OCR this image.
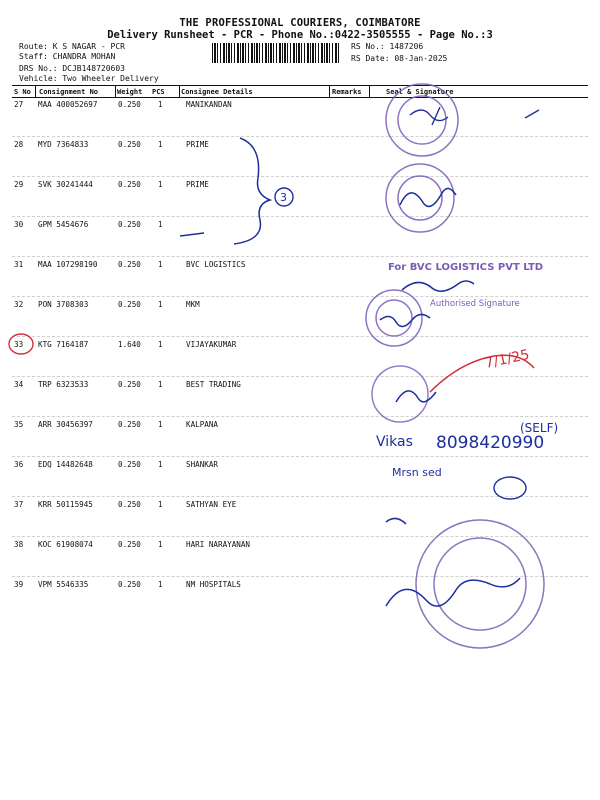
THE PROFESSIONAL COURIERS, COIMBATORE
Delivery Runsheet - PCR - Phone No.:0422-3505555 - Page No.:3
Route: K S NAGAR - PCR
Staff: CHANDRA MOHAN
DRS No.: DCJB148720603
Vehicle: Two Wheeler Delivery
RS No.: 1487206
RS Date: 08-Jan-2025
S No Consignment No	Weight PCS Consignee Details	Remarks	Seal & Signature
27 MAA 400052697	0.250 1	MANIKANDAN
28 MYD 7364833	0.250 1	PRIME
29 SVK 30241444	0.250 1	PRIME
30 GPM 5454676	0.250 1
31 MAA 107298190	0.250 1	BVC LOGISTICS
32 PON 3708303	0.250 1	MKM
33 KTG 7164187	1.640 1	VIJAYAKUMAR
34 TRP 6323533	0.250 1	BEST TRADING
35 ARR 30456397	0.250 1	KALPANA
36 EDQ 14482648	0.250 1	SHANKAR
37 KRR 50115945	0.250 1	SATHYAN EYE
38 KOC 61908074	0.250 1	HARI NARAYANAN
39 VPM 5546335	0.250 1	NM HOSPITALS
3
For BVC LOGISTICS PVT LTD
Authorised Signature
7/1/25
(SELF)
Vikas 8098420990
Mrsn sed
